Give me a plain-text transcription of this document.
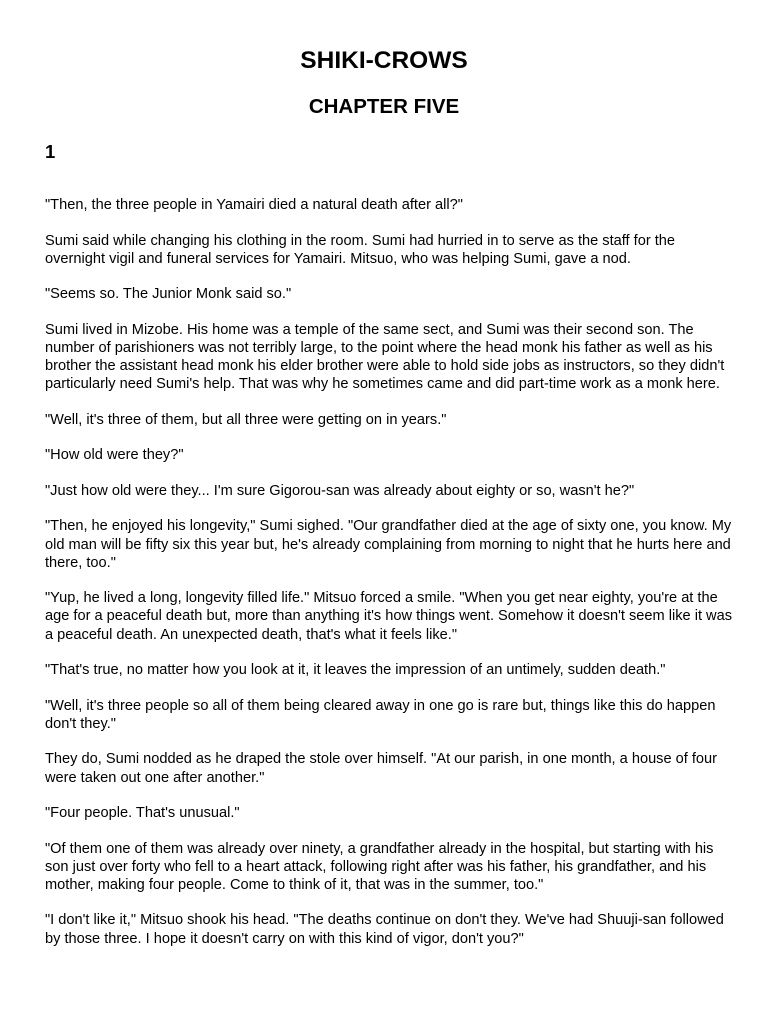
SHIKI-CROWS
CHAPTER FIVE
1

"Then, the three people in Yamairi died a natural death after all?"

Sumi said while changing his clothing in the room. Sumi had hurried in to serve as the staff for the overnight vigil and funeral services for Yamairi. Mitsuo, who was helping Sumi, gave a nod.

"Seems so. The Junior Monk said so."

Sumi lived in Mizobe. His home was a temple of the same sect, and Sumi was their second son. The number of parishioners was not terribly large, to the point where the head monk his father as well as his brother the assistant head monk his elder brother were able to hold side jobs as instructors, so they didn't particularly need Sumi's help. That was why he sometimes came and did part-time work as a monk here.

"Well, it's three of them, but all three were getting on in years."

"How old were they?"

"Just how old were they... I'm sure Gigorou-san was already about eighty or so, wasn't he?"

"Then, he enjoyed his longevity," Sumi sighed. "Our grandfather died at the age of sixty one, you know. My old man will be fifty six this year but, he's already complaining from morning to night that he hurts here and there, too."

"Yup, he lived a long, longevity filled life." Mitsuo forced a smile. "When you get near eighty, you're at the age for a peaceful death but, more than anything it's how things went. Somehow it doesn't seem like it was a peaceful death. An unexpected death, that's what it feels like."

"That's true, no matter how you look at it, it leaves the impression of an untimely, sudden death."

"Well, it's three people so all of them being cleared away in one go is rare but, things like this do happen don't they."

They do, Sumi nodded as he draped the stole over himself. "At our parish, in one month, a house of four were taken out one after another."

"Four people. That's unusual."

"Of them one of them was already over ninety, a grandfather already in the hospital, but starting with his son just over forty who fell to a heart attack, following right after was his father, his grandfather, and his mother, making four people. Come to think of it, that was in the summer, too."

"I don't like it," Mitsuo shook his head. "The deaths continue on don't they. We've had Shuuji-san followed by those three. I hope it doesn't carry on with this kind of vigor, don't you?"
